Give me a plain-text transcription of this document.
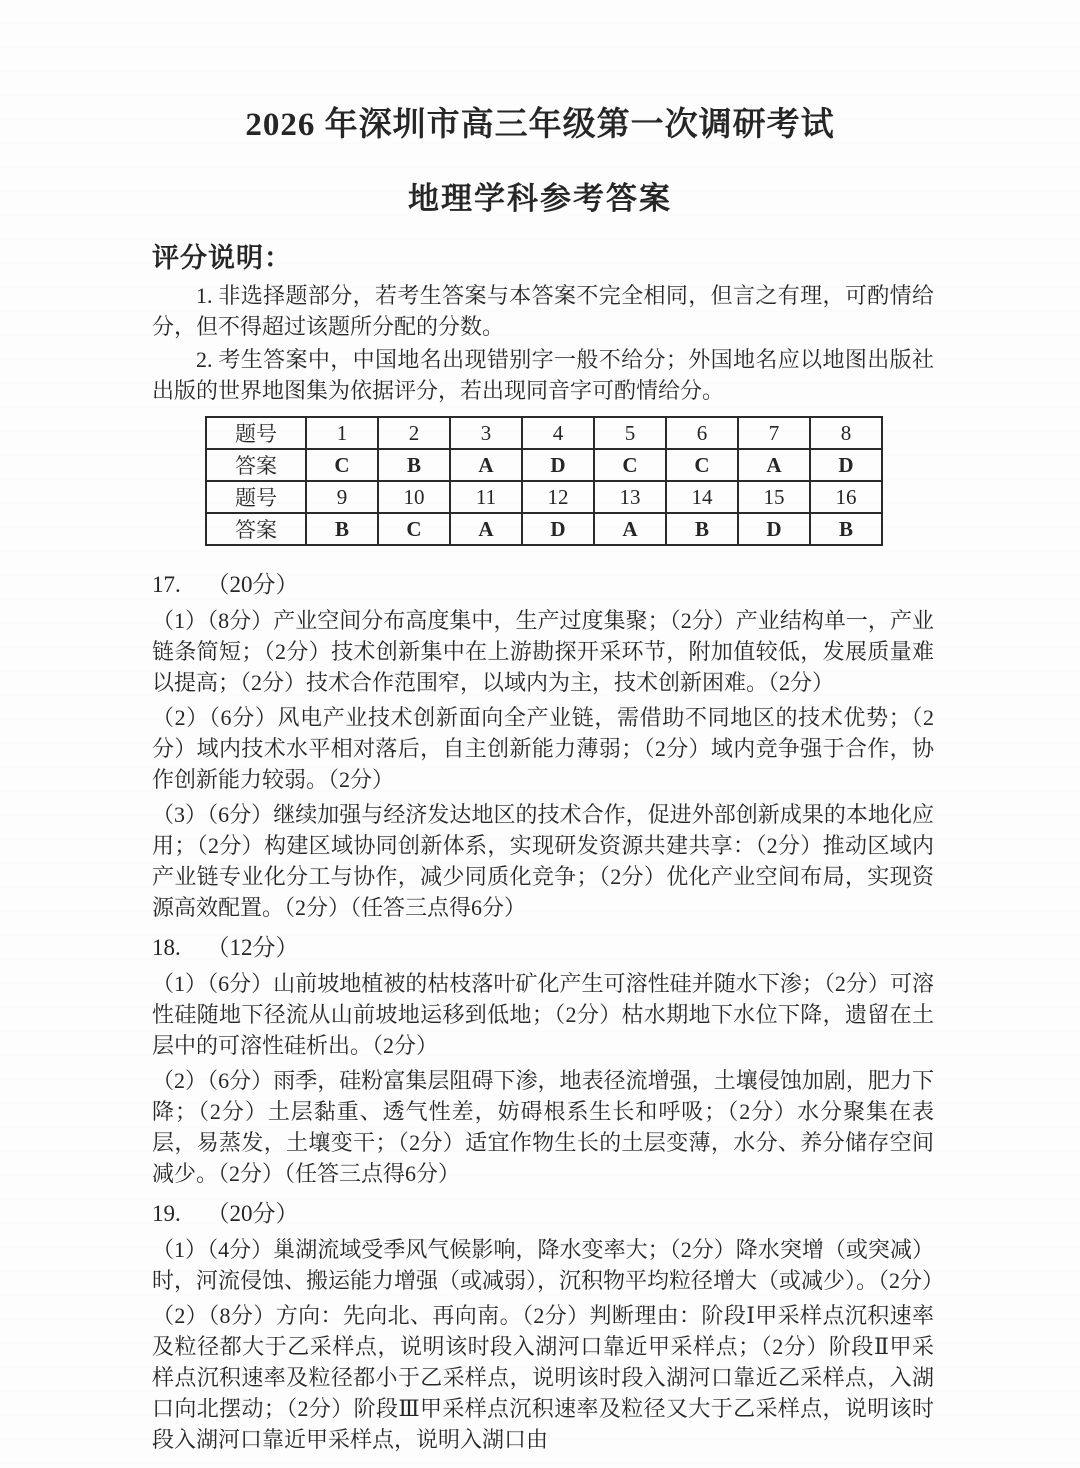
2026 年深圳市高三年级第一次调研考试
地理学科参考答案
评分说明：

1. 非选择题部分，若考生答案与本答案不完全相同，但言之有理，可酌情给分，但不得超过该题所分配的分数。

2. 考生答案中，中国地名出现错别字一般不给分；外国地名应以地图出版社出版的世界地图集为依据评分，若出现同音字可酌情给分。

题号	1	2	3	4	5	6	7	8
答案	C	B	A	D	C	C	A	D
题号	9	10	11	12	13	14	15	16
答案	B	C	A	D	A	B	D	B

17. （20分）

（1）（8分）产业空间分布高度集中，生产过度集聚；（2分）产业结构单一，产业链条简短；（2分）技术创新集中在上游勘探开采环节，附加值较低，发展质量难以提高；（2分）技术合作范围窄，以域内为主，技术创新困难。（2分）

（2）（6分）风电产业技术创新面向全产业链，需借助不同地区的技术优势；（2分）域内技术水平相对落后，自主创新能力薄弱；（2分）域内竞争强于合作，协作创新能力较弱。（2分）

（3）（6分）继续加强与经济发达地区的技术合作，促进外部创新成果的本地化应用；（2分）构建区域协同创新体系，实现研发资源共建共享：（2分）推动区域内产业链专业化分工与协作，减少同质化竞争；（2分）优化产业空间布局，实现资源高效配置。（2分）（任答三点得6分）

18. （12分）

（1）（6分）山前坡地植被的枯枝落叶矿化产生可溶性硅并随水下渗；（2分）可溶性硅随地下径流从山前坡地运移到低地；（2分）枯水期地下水位下降，遗留在土层中的可溶性硅析出。（2分）

（2）（6分）雨季，硅粉富集层阻碍下渗，地表径流增强，土壤侵蚀加剧，肥力下降；（2分）土层黏重、透气性差，妨碍根系生长和呼吸；（2分）水分聚集在表层，易蒸发，土壤变干；（2分）适宜作物生长的土层变薄，水分、养分储存空间减少。（2分）（任答三点得6分）

19. （20分）

（1）（4分）巢湖流域受季风气候影响，降水变率大；（2分）降水突增（或突减）时，河流侵蚀、搬运能力增强（或减弱），沉积物平均粒径增大（或减少）。（2分）

（2）（8分）方向：先向北、再向南。（2分）判断理由：阶段Ⅰ甲采样点沉积速率及粒径都大于乙采样点，说明该时段入湖河口靠近甲采样点；（2分）阶段Ⅱ甲采样点沉积速率及粒径都小于乙采样点，说明该时段入湖河口靠近乙采样点，入湖口向北摆动；（2分）阶段Ⅲ甲采样点沉积速率及粒径又大于乙采样点，说明该时段入湖河口靠近甲采样点，说明入湖口由
